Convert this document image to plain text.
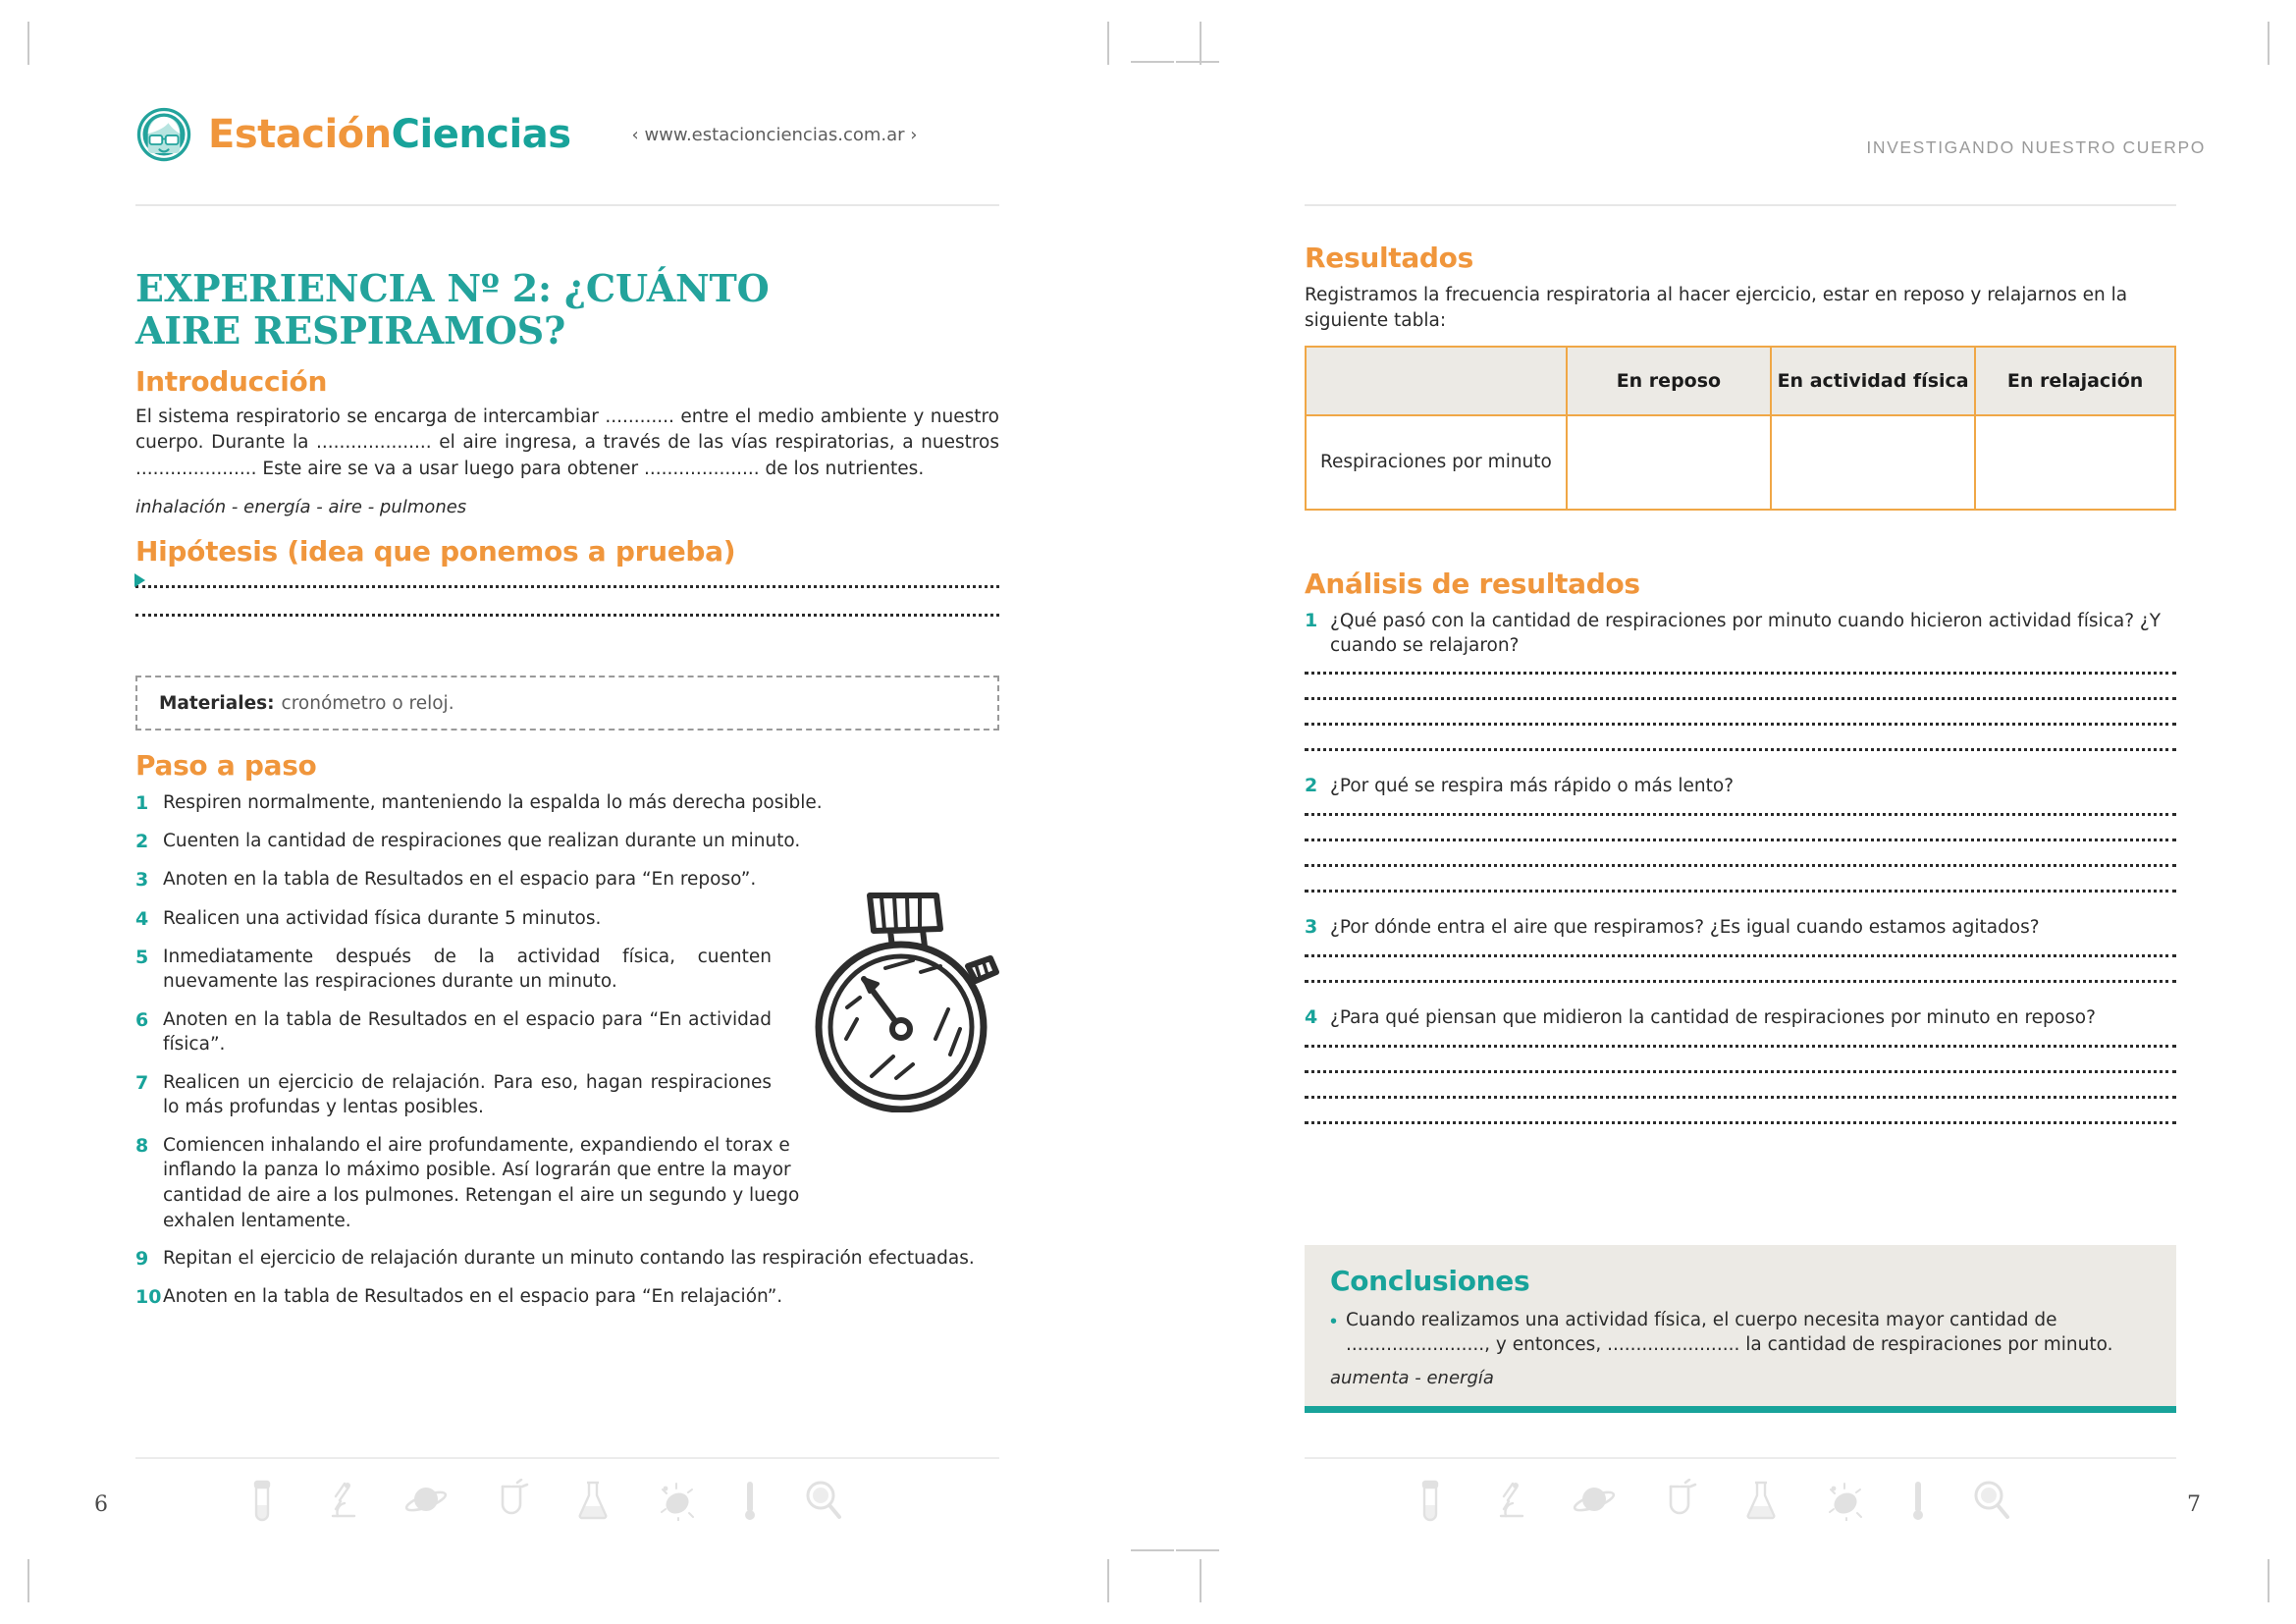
EstaciónCiencias	‹ www.estacionciencias.com.ar ›
INVESTIGANDO NUESTRO CUERPO
EXPERIENCIA Nº 2: ¿CUÁNTO AIRE RESPIRAMOS?
Introducción
El sistema respiratorio se encarga de intercambiar ............ entre el medio ambiente y nuestro cuerpo. Durante la .................... el aire ingresa, a través de las vías respiratorias, a nuestros ..................... Este aire se va a usar luego para obtener .................... de los nutrientes.
inhalación - energía - aire - pulmones
Hipótesis (idea que ponemos a prueba)
Materiales: cronómetro o reloj.
Paso a paso
1 Respiren normalmente, manteniendo la espalda lo más derecha posible.
2 Cuenten la cantidad de respiraciones que realizan durante un minuto.
3 Anoten en la tabla de Resultados en el espacio para “En reposo”.
4 Realicen una actividad física durante 5 minutos.
5 Inmediatamente después de la actividad física, cuenten nuevamente las respiraciones durante un minuto.
6 Anoten en la tabla de Resultados en el espacio para “En actividad física”.
7 Realicen un ejercicio de relajación. Para eso, hagan respiraciones lo más profundas y lentas posibles.
8 Comiencen inhalando el aire profundamente, expandiendo el torax e inflando la panza lo máximo posible. Así lograrán que entre la mayor cantidad de aire a los pulmones. Retengan el aire un segundo y luego exhalen lentamente.
9 Repitan el ejercicio de relajación durante un minuto contando las respiración efectuadas.
10 Anoten en la tabla de Resultados en el espacio para “En relajación”.
Resultados
Registramos la frecuencia respiratoria al hacer ejercicio, estar en reposo y relajarnos en la siguiente tabla:
	En reposo	En actividad física	En relajación
Respiraciones por minuto			
Análisis de resultados
1 ¿Qué pasó con la cantidad de respiraciones por minuto cuando hicieron actividad física? ¿Y cuando se relajaron?
2 ¿Por qué se respira más rápido o más lento?
3 ¿Por dónde entra el aire que respiramos? ¿Es igual cuando estamos agitados?
4 ¿Para qué piensan que midieron la cantidad de respiraciones por minuto en reposo?
Conclusiones
• Cuando realizamos una actividad física, el cuerpo necesita mayor cantidad de ........................, y entonces, ....................... la cantidad de respiraciones por minuto.
aumenta - energía
6	7
